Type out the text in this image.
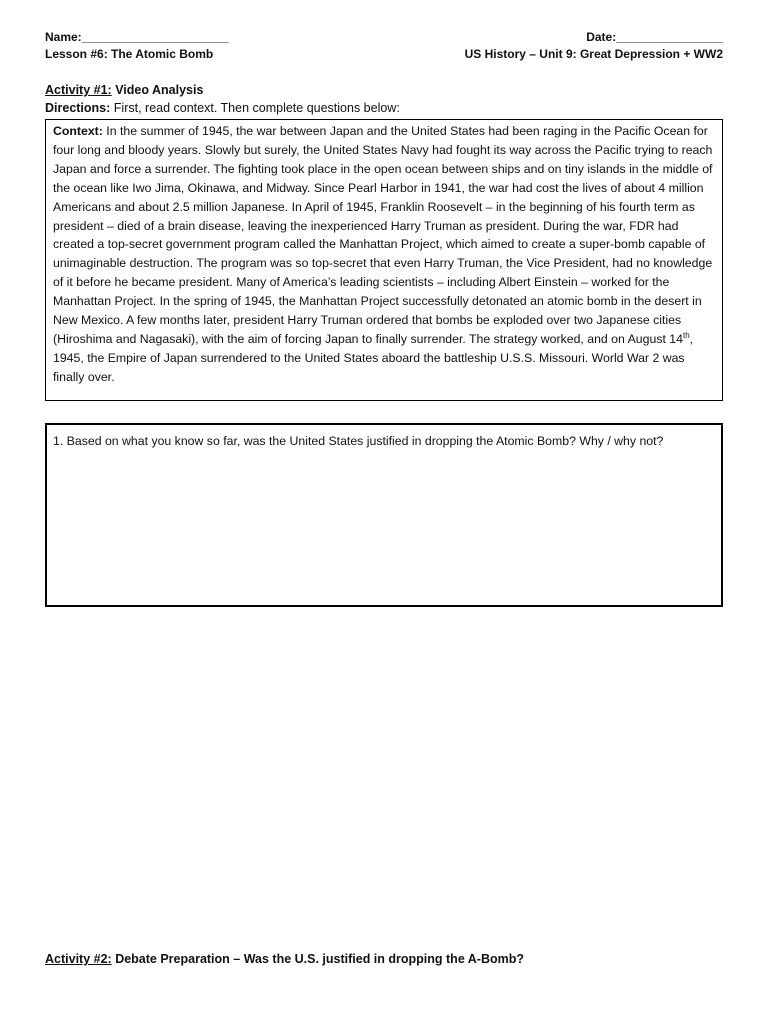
Name:______________________	Date:________________
Lesson #6: The Atomic Bomb	US History – Unit 9: Great Depression + WW2
Activity #1: Video Analysis
Directions: First, read context. Then complete questions below:
Context: In the summer of 1945, the war between Japan and the United States had been raging in the Pacific Ocean for four long and bloody years. Slowly but surely, the United States Navy had fought its way across the Pacific trying to reach Japan and force a surrender. The fighting took place in the open ocean between ships and on tiny islands in the middle of the ocean like Iwo Jima, Okinawa, and Midway. Since Pearl Harbor in 1941, the war had cost the lives of about 4 million Americans and about 2.5 million Japanese. In April of 1945, Franklin Roosevelt – in the beginning of his fourth term as president – died of a brain disease, leaving the inexperienced Harry Truman as president. During the war, FDR had created a top-secret government program called the Manhattan Project, which aimed to create a super-bomb capable of unimaginable destruction. The program was so top-secret that even Harry Truman, the Vice President, had no knowledge of it before he became president. Many of America’s leading scientists – including Albert Einstein – worked for the Manhattan Project. In the spring of 1945, the Manhattan Project successfully detonated an atomic bomb in the desert in New Mexico. A few months later, president Harry Truman ordered that bombs be exploded over two Japanese cities (Hiroshima and Nagasaki), with the aim of forcing Japan to finally surrender. The strategy worked, and on August 14th, 1945, the Empire of Japan surrendered to the United States aboard the battleship U.S.S. Missouri. World War 2 was finally over.
1. Based on what you know so far, was the United States justified in dropping the Atomic Bomb? Why / why not?
Activity #2: Debate Preparation – Was the U.S. justified in dropping the A-Bomb?
